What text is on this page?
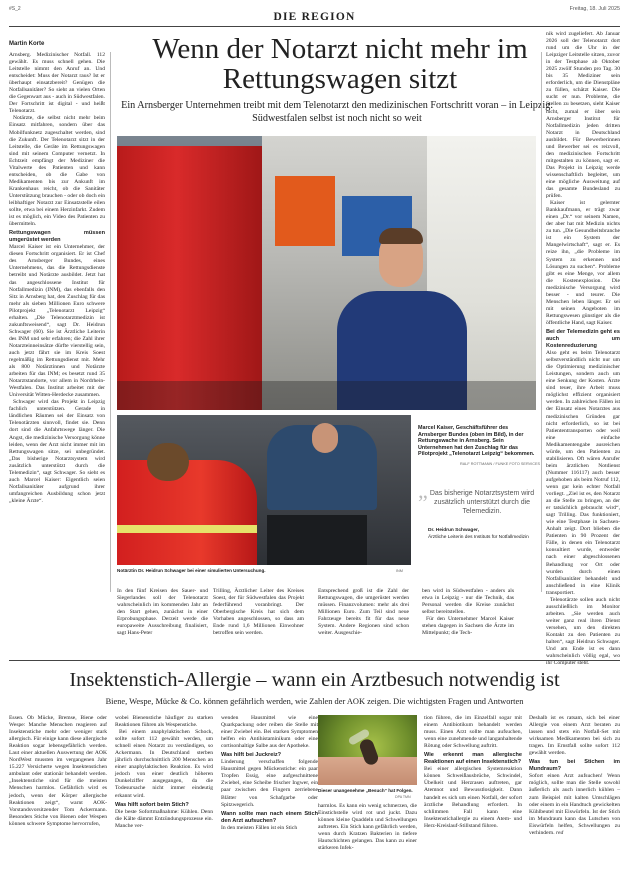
#S_2
DIE REGION
Freitag, 18. Juli 2025
Martin Korte	Wenn der Notarzt nicht mehr im Rettungswagen sitzt
Ein Arnsberger Unternehmen treibt mit dem Telenotarzt den medizinischen Fortschritt voran – in Leipzig. Südwestfalen selbst ist noch nicht so weit

Arnsberg. Medizinischer Notfall. 112 gewählt. Es muss schnell gehen. Die Leitstelle nimmt den Anruf an. Und entscheidet: Muss der Notarzt raus? Ist er überhaupt einsatzbereit? Genügen die Notfallsanitäter? So sieht an vielen Orten die Gegenwart aus - auch in Südwestfalen. Der Fortschritt ist digital - und heißt Telenotarzt.

Notärzte, die selbst nicht mehr beim Einsatz mitfahren, sondern über das Mobilfunknetz zugeschaltet werden, sind die Zukunft. Der Telenotarzt sitzt in der Leitstelle, die Geräte im Rettungswagen sind mit seinem Computer vernetzt. In Echtzeit empfängt der Mediziner die Vitalwerte des Patienten und kann entscheiden, ob die Gabe von Medikamenten bis zur Ankunft im Krankenhaus reicht, ob die Sanitäter Unterstützung brauchen - oder ob doch ein leibhaftiger Notarzt zur Einsatzstelle eilen sollte, etwa bei einem Herzinfarkt. Zudem ist es möglich, ein Video des Patienten zu übermitteln.

Rettungswagen müssen umgerüstet werden

Marcel Kaiser ist ein Unternehmer, der diesen Fortschritt organisiert. Er ist Chef des Arnsberger Bundes, eines Unternehmens, das die Rettungsdienste betreibt und Notärzte ausbildet. Jetzt hat das angeschlossene Institut für Notfallmedizin (INM), das ebenfalls den Sitz in Arnsberg hat, den Zuschlag für das mehr als sieben Millionen Euro schwere Pilotprojekt „Telenotarzt Leipzig“ erhalten. „Die Telenotarztmedizin ist zukunftsweisend“, sagt Dr. Heidrun Schwager (60). Sie ist Ärztliche Leiterin des INM und sehr erfahren; die Zahl ihrer Notarzteinneinsätze dürfte vierstellig sein, auch jetzt fährt sie im Kreis Soest regelmäßig im Rettungsdienst mit. Mehr als 800 Notärztinnen und Notärzte arbeiten für das INM; es besetzt rund 35 Notarztstandorte, vor allem in Nordrhein-Westfalen. Das Institut arbeitet mit der Universität Witten-Herdecke zusammen.

Schwager wird das Projekt in Leipzig fachlich unterstützen. Gerade in ländlichen Räumen sei der Einsatz von Telenotärzten sinnvoll, findet sie. Denn dort sind die Anfahrtswege länger. Die Angst, die medizinische Versorgung könne leiden, wenn der Arzt nicht immer mit im Rettungswagen sitze, sei unbegründet. „Das bisherige Notarztsystem wird zusätzlich unterstützt durch die Telemedizin“, sagt Schwager. So sieht es auch Marcel Kaiser: Eigentlich seien Notfallsanitäter aufgrund ihrer umfangreichen Ausbildung schon jetzt „kleine Ärzte“.

Notärztin Dr. Heidrun Schwager bei einer simulierten Untersuchung.	INM
Marcel Kaiser, Geschäftsführer des Arnsberger Bundes (oben im Bild), in der Rettungswache in Arnsberg. Sein Unternehmen hat den Zuschlag für das Pilotprojekt „Telenotarzt Leipzig“ bekommen.
RALF ROTTMANN / FUNKE FOTO SERVICES
„ Das bisherige Notarztsystem wird zusätzlich unterstützt durch die Telemedizin.
Dr. Heidrun Schwager,
Ärztliche Leiterin des Instituts für Notfallmedizin

nik wird zugeliefert. Ab Januar 2026 soll der Telenotarzt dort rund um die Uhr in der Leipziger Leitstelle sitzen, zuvor in der Testphase ab Oktober 2025 zwölf Stunden pro Tag. 30 bis 35 Mediziner sein erforderlich, um die Dienstpläne zu füllen, schätzt Kaiser. Die sucht er nun. Probleme, die Stellen zu besetzen, sieht Kaiser nicht, zumal er über sein Arnsberger Institut für Notfallmedizin jeden dritten Notarzt in Deutschland ausbildet. Für Bewerberinnen und Bewerber sei es reizvoll, den medizinischen Fortschritt mitgestalten zu können, sagt er. Das Projekt in Leipzig werde wissenschaftlich begleitet, um eine mögliche Ausweitung auf das gesamte Bundesland zu prüfen.

Kaiser ist gelernter Bankkaufmann, er trägt zwar einen „Dr.“ vor seinem Namen, der aber hat mit Medizin nichts zu tun. „Die Gesundheitsbranche ist ein System der Mangelwirtschaft“, sagt er. Es reize ihn, „die Probleme im System zu erkennen und Lösungen zu suchen“. Probleme gibt es eine Menge, vor allem die Kostenexplosion. Die medizinische Versorgung wird besser - und teurer. Die Menschen leben länger. Er sei mit seinen Angeboten im Rettungswesen günstiger als die öffentliche Hand, sagt Kaiser.

Bei der Telemedizin geht es auch um Kostenreduzierung

Also geht es beim Telenotarzt selbstverständlich nicht nur um die Optimierung medizinischer Leistungen, sondern auch um eine Senkung der Kosten. Ärzte sind teuer, ihre Arbeit muss möglichst effizient organisiert werden. In zahlreichen Fällen ist der Einsatz eines Notarztes aus medizinischen Gründen gar nicht erforderlich, so ist bei Patiententransporten oder weil eine einfache Medikamentengabe ausreichen würde, um den Patienten zu stabilisieren. Oft wären Anrufer beim ärztlichen Notdienst (Nummer 116117) auch besser aufgehoben als beim Notruf 112, wenn gar kein echter Notfall vorliegt. „Ziel ist es, den Notarzt an die Stelle zu bringen, an der er tatsächlich gebraucht wird“, sagt Trilling. Das funktioniert, wie eine Testphase in Sachsen-Anhalt zeigt. Dort blieben die Patienten in 90 Prozent der Fälle, in denen ein Telenotarzt konsultiert wurde, entweder nach einer abgeschlossenen Behandlung vor Ort oder wurden durch einen Notfallsanitäter behandelt und anschließend in eine Klinik transportiert.

Telenotärzte sollen auch nicht ausschließlich im Monitor arbeiten. „Sie werden auch weiter ganz real ihren Dienst versehen, um den direkten Kontakt zu den Patienten zu halten“, sagt Heidrun Schwager. Und am Ende ist es dann wahrscheinlich völlig egal, wo ihr Computer steht.

In den fünf Kreisen des Sauer- und Siegerlandes soll der Telenotarzt wahrscheinlich im kommenden Jahr an den Start gehen, zunächst in einer Erprobungsphase. Derzeit werde die europaweite Ausschreibung finalisiert, sagt Hans-Peter

Trilling, Ärztlicher Leiter des Kreises Soest, der für Südwestfalen das Projekt federführend voranbringt. Der Oberbergische Kreis hat sich dem Vorhaben angeschlossen, so dass am Ende rund 1,6 Millionen Einwohner betroffen sein werden.

Entsprechend groß ist die Zahl der Rettungswagen, die umgerüstet werden müssen. Finanzvolumen: mehr als drei Millionen Euro. Zum Teil sind neue Fahrzeuge bereits fit für das neue System. Andere Regionen sind schon weiter. Ausgeschie-

ben wird in Südwestfalen - anders als etwa in Leipzig - nur die Technik, das Personal werden die Kreise zunächst selbst bereitstellen.

Für den Unternehmer Marcel Kaiser stehen dagegen in Sachsen die Ärzte im Mittelpunkt; die Tech-

Insektenstich-Allergie – wann ein Arztbesuch notwendig ist
Biene, Wespe, Mücke & Co. können gefährlich werden, wie Zahlen der AOK zeigen. Die wichtigsten Fragen und Antworten

Essen. Ob Mücke, Bremse, Biene oder Wespe: Manche Menschen reagieren auf Insektenstiche mehr oder weniger stark allergisch. Für einige kann diese allergische Reaktion sogar lebensgefährlich werden. Laut einer aktuellen Auswertung der AOK NordWest mussten im vergangenen Jahr 15.227 Versicherte wegen Insektenstichen ambulant oder stationär behandelt werden. „Insektenstiche sind für die meisten Menschen harmlos. Gefährlich wird es jedoch, wenn der Körper allergische Reaktionen zeigt“, warnt AOK-Vorstandsvorsitzender Tom Ackermann. Besonders Stiche von Bienen oder Wespen können schwere Symptome hervorrufen,

wobei Bienenstiche häufiger zu starken Reaktionen führen als Wespenstiche.

Bei einem anaphylaktischen Schock, sollte sofort 112 gewählt werden, um schnell einen Notarzt zu verständigen, so Ackermann. In Deutschland sterben jährlich durchschnittlich 200 Menschen an einer anaphylaktischen Reaktion. Es wird jedoch von einer deutlich höheren Dunkelziffer ausgegangen, da die Todesursache nicht immer eindeutig erkannt wird.

Was hilft sofort beim Stich?

Die beste Sofortmaßnahme: Kühlen. Denn die Kälte dämmt Entzündungsprozesse ein. Manche ver-

wenden Hausmittel wie eine Quarkpackung oder reiben die Stelle mit einer Zwiebel ein. Bei starken Symptomen helfen ein Antihistaminikum oder eine cortisonhaltige Salbe aus der Apotheke.

Was hilft bei Juckreiz?

Linderung verschaffen folgende Hausmittel gegen Mückenstiche: ein paar Tropfen Essig, eine aufgeschnittene Zwiebel, eine Scheibe frischer Ingwer, ein paar zwischen den Fingern zerriebene Blätter von Schafgarbe oder Spitzwegerich.

Wann sollte man nach einem Stich den Arzt aufsuchen?

In den meisten Fällen ist ein Stich

Dieser unangenehme „Besuch“ hat Folgen.
DPA TMN

harmlos. Es kann ein wenig schmerzen, die Einstichstelle wird rot und juckt. Dazu können kleine Quaddeln und Schwellungen auftreten. Ein Stich kann gefährlich werden, wenn durch Kratzen Bakterien in tiefere Hautschichten gelangen. Das kann zu einer stärkeren Infek-

tion führen, die im Einzelfall sogar mit einem Antibiotikum behandelt werden muss. Einen Arzt sollte man aufsuchen, wenn eine zunehmende und langanhaltende Rötung oder Schwellung auftritt.

Wie erkennt man allergische Reaktionen auf einen Insektenstich?

Bei einer allergischen Systemreaktion können Schweißausbrüche, Schwindel, Übelkeit und Herzrasen auftreten, gar Atemnot und Bewusstlosigkeit. Dann handelt es sich um einen Notfall, der sofort ärztliche Behandlung erfordert. In schlimmen Fall kann eine Insektenstichallergie zu einem Atem- und Herz-Kreislauf-Stillstand führen.

Deshalb ist es ratsam, sich bei einer Allergie von einem Arzt beraten zu lassen und stets ein Notfall-Set mit wirksamen Medikamenten bei sich zu tragen. Im Ernstfall sollte sofort 112 gewählt werden.

Was tun bei Stichen im Mundraum?

Sofort einen Arzt aufsuchen! Wenn möglich, sollte man die Stelle sowohl äußerlich als auch innerlich kühlen – zum Beispiel mit kalten Umschlägen oder einem in ein Handtuch gewickelten Kühlbeutel mit Eiswürfeln. Ist der Stich im Mundraum kann das Lutschen von Eiswürfeln helfen, Schwellungen zu verhindern. red
